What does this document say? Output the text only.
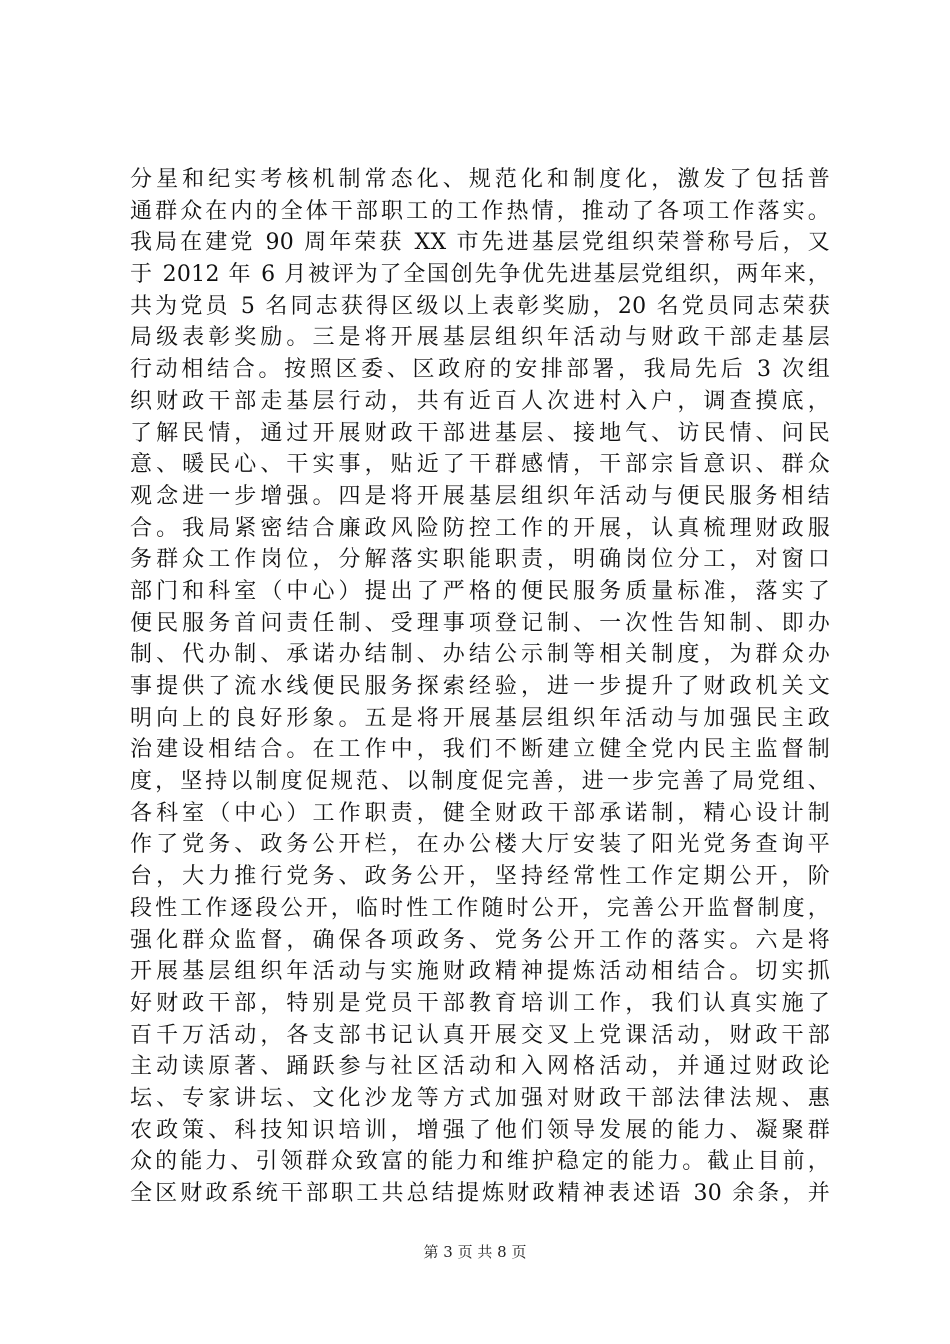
分星和纪实考核机制常态化、规范化和制度化，激发了包括普
通群众在内的全体干部职工的工作热情，推动了各项工作落实。
我局在建党 90 周年荣获 XX 市先进基层党组织荣誉称号后，又
于 2012 年 6 月被评为了全国创先争优先进基层党组织，两年来，
共为党员 5 名同志获得区级以上表彰奖励，20 名党员同志荣获
局级表彰奖励。三是将开展基层组织年活动与财政干部走基层
行动相结合。按照区委、区政府的安排部署，我局先后 3 次组
织财政干部走基层行动，共有近百人次进村入户，调查摸底，
了解民情，通过开展财政干部进基层、接地气、访民情、问民
意、暖民心、干实事，贴近了干群感情，干部宗旨意识、群众
观念进一步增强。四是将开展基层组织年活动与便民服务相结
合。我局紧密结合廉政风险防控工作的开展，认真梳理财政服
务群众工作岗位，分解落实职能职责，明确岗位分工，对窗口
部门和科室（中心）提出了严格的便民服务质量标准，落实了
便民服务首问责任制、受理事项登记制、一次性告知制、即办
制、代办制、承诺办结制、办结公示制等相关制度，为群众办
事提供了流水线便民服务探索经验，进一步提升了财政机关文
明向上的良好形象。五是将开展基层组织年活动与加强民主政
治建设相结合。在工作中，我们不断建立健全党内民主监督制
度，坚持以制度促规范、以制度促完善，进一步完善了局党组、
各科室（中心）工作职责，健全财政干部承诺制，精心设计制
作了党务、政务公开栏，在办公楼大厅安装了阳光党务查询平
台，大力推行党务、政务公开，坚持经常性工作定期公开，阶
段性工作逐段公开，临时性工作随时公开，完善公开监督制度，
强化群众监督，确保各项政务、党务公开工作的落实。六是将
开展基层组织年活动与实施财政精神提炼活动相结合。切实抓
好财政干部，特别是党员干部教育培训工作，我们认真实施了
百千万活动，各支部书记认真开展交叉上党课活动，财政干部
主动读原著、踊跃参与社区活动和入网格活动，并通过财政论
坛、专家讲坛、文化沙龙等方式加强对财政干部法律法规、惠
农政策、科技知识培训，增强了他们领导发展的能力、凝聚群
众的能力、引领群众致富的能力和维护稳定的能力。截止目前，
全区财政系统干部职工共总结提炼财政精神表述语 30 余条，并
第 3 页 共 8 页
